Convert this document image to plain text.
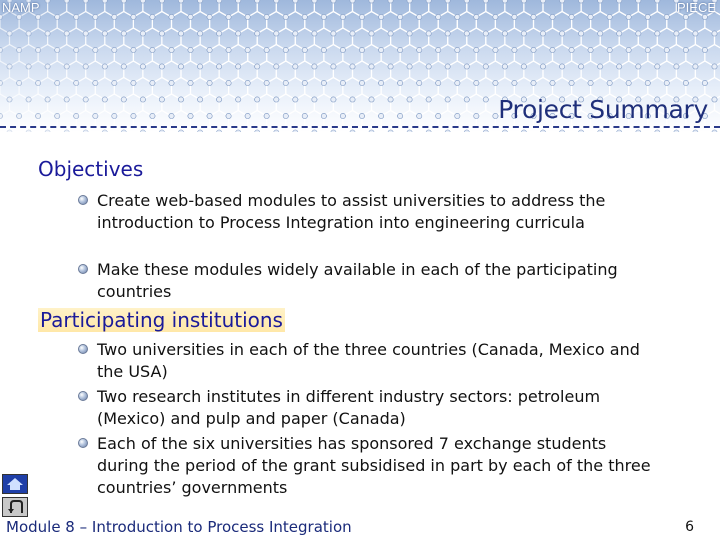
NAMP	PIECE
Project Summary
Objectives
Create web-based modules to assist universities to address the introduction to Process Integration into engineering curricula
Make these modules widely available in each of the participating countries
Participating institutions
Two universities in each of the three countries (Canada, Mexico and the USA)
Two research institutes in different industry sectors: petroleum (Mexico) and pulp and paper (Canada)
Each of the six universities has sponsored 7 exchange students during the period of the grant subsidised in part by each of the three countries’ governments
Module 8 – Introduction to Process Integration	6
